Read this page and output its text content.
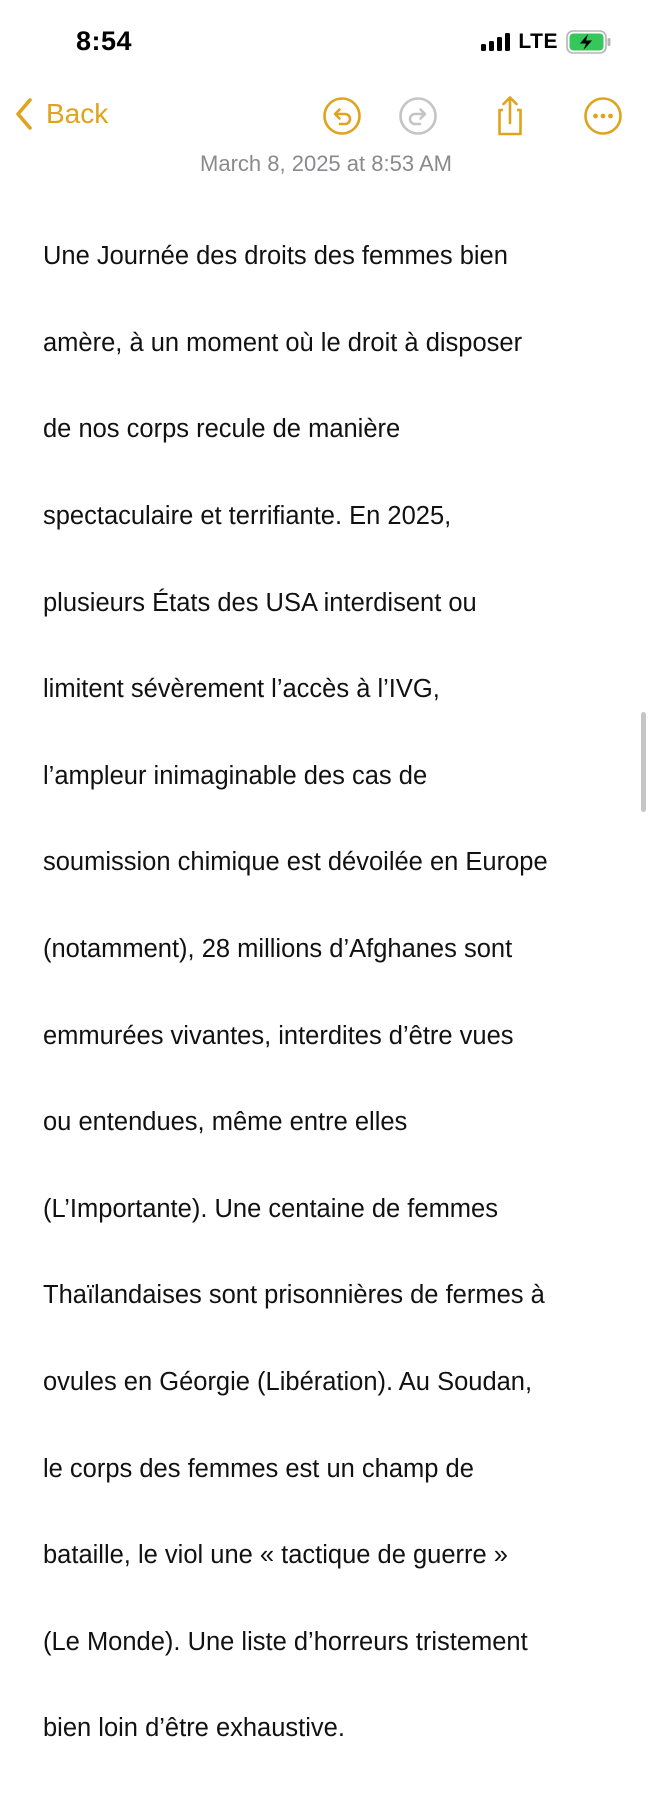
8:54	LTE
Back
March 8, 2025 at 8:53 AM

Une Journée des droits des femmes bien

amère, à un moment où le droit à disposer

de nos corps recule de manière

spectaculaire et terrifiante. En 2025,

plusieurs États des USA interdisent ou

limitent sévèrement l’accès à l’IVG,

l’ampleur inimaginable des cas de

soumission chimique est dévoilée en Europe

(notamment), 28 millions d’Afghanes sont

emmurées vivantes, interdites d’être vues

ou entendues, même entre elles

(L’Importante). Une centaine de femmes

Thaïlandaises sont prisonnières de fermes à

ovules en Géorgie (Libération). Au Soudan,

le corps des femmes est un champ de

bataille, le viol une « tactique de guerre »

(Le Monde). Une liste d’horreurs tristement

bien loin d’être exhaustive.
